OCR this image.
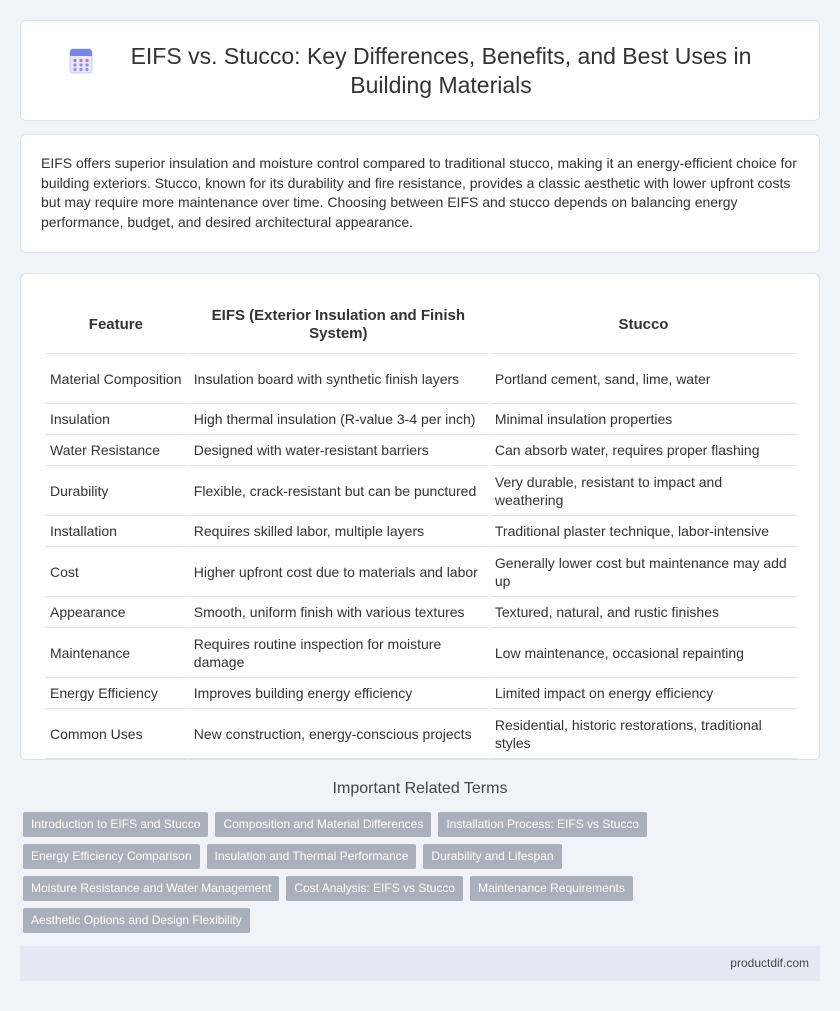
EIFS vs. Stucco: Key Differences, Benefits, and Best Uses in Building Materials

EIFS offers superior insulation and moisture control compared to traditional stucco, making it an energy-efficient choice for building exteriors. Stucco, known for its durability and fire resistance, provides a classic aesthetic with lower upfront costs but may require more maintenance over time. Choosing between EIFS and stucco depends on balancing energy performance, budget, and desired architectural appearance.

Feature	EIFS (Exterior Insulation and Finish System)	Stucco
Material Composition	Insulation board with synthetic finish layers	Portland cement, sand, lime, water
Insulation	High thermal insulation (R-value 3-4 per inch)	Minimal insulation properties
Water Resistance	Designed with water-resistant barriers	Can absorb water, requires proper flashing
Durability	Flexible, crack-resistant but can be punctured	Very durable, resistant to impact and weathering
Installation	Requires skilled labor, multiple layers	Traditional plaster technique, labor-intensive
Cost	Higher upfront cost due to materials and labor	Generally lower cost but maintenance may add up
Appearance	Smooth, uniform finish with various textures	Textured, natural, and rustic finishes
Maintenance	Requires routine inspection for moisture damage	Low maintenance, occasional repainting
Energy Efficiency	Improves building energy efficiency	Limited impact on energy efficiency
Common Uses	New construction, energy-conscious projects	Residential, historic restorations, traditional styles
Important Related Terms
Introduction to EIFS and Stucco	Composition and Material Differences	Installation Process: EIFS vs Stucco
Energy Efficiency Comparison	Insulation and Thermal Performance	Durability and Lifespan
Moisture Resistance and Water Management	Cost Analysis: EIFS vs Stucco	Maintenance Requirements
Aesthetic Options and Design Flexibility
productdif.com
